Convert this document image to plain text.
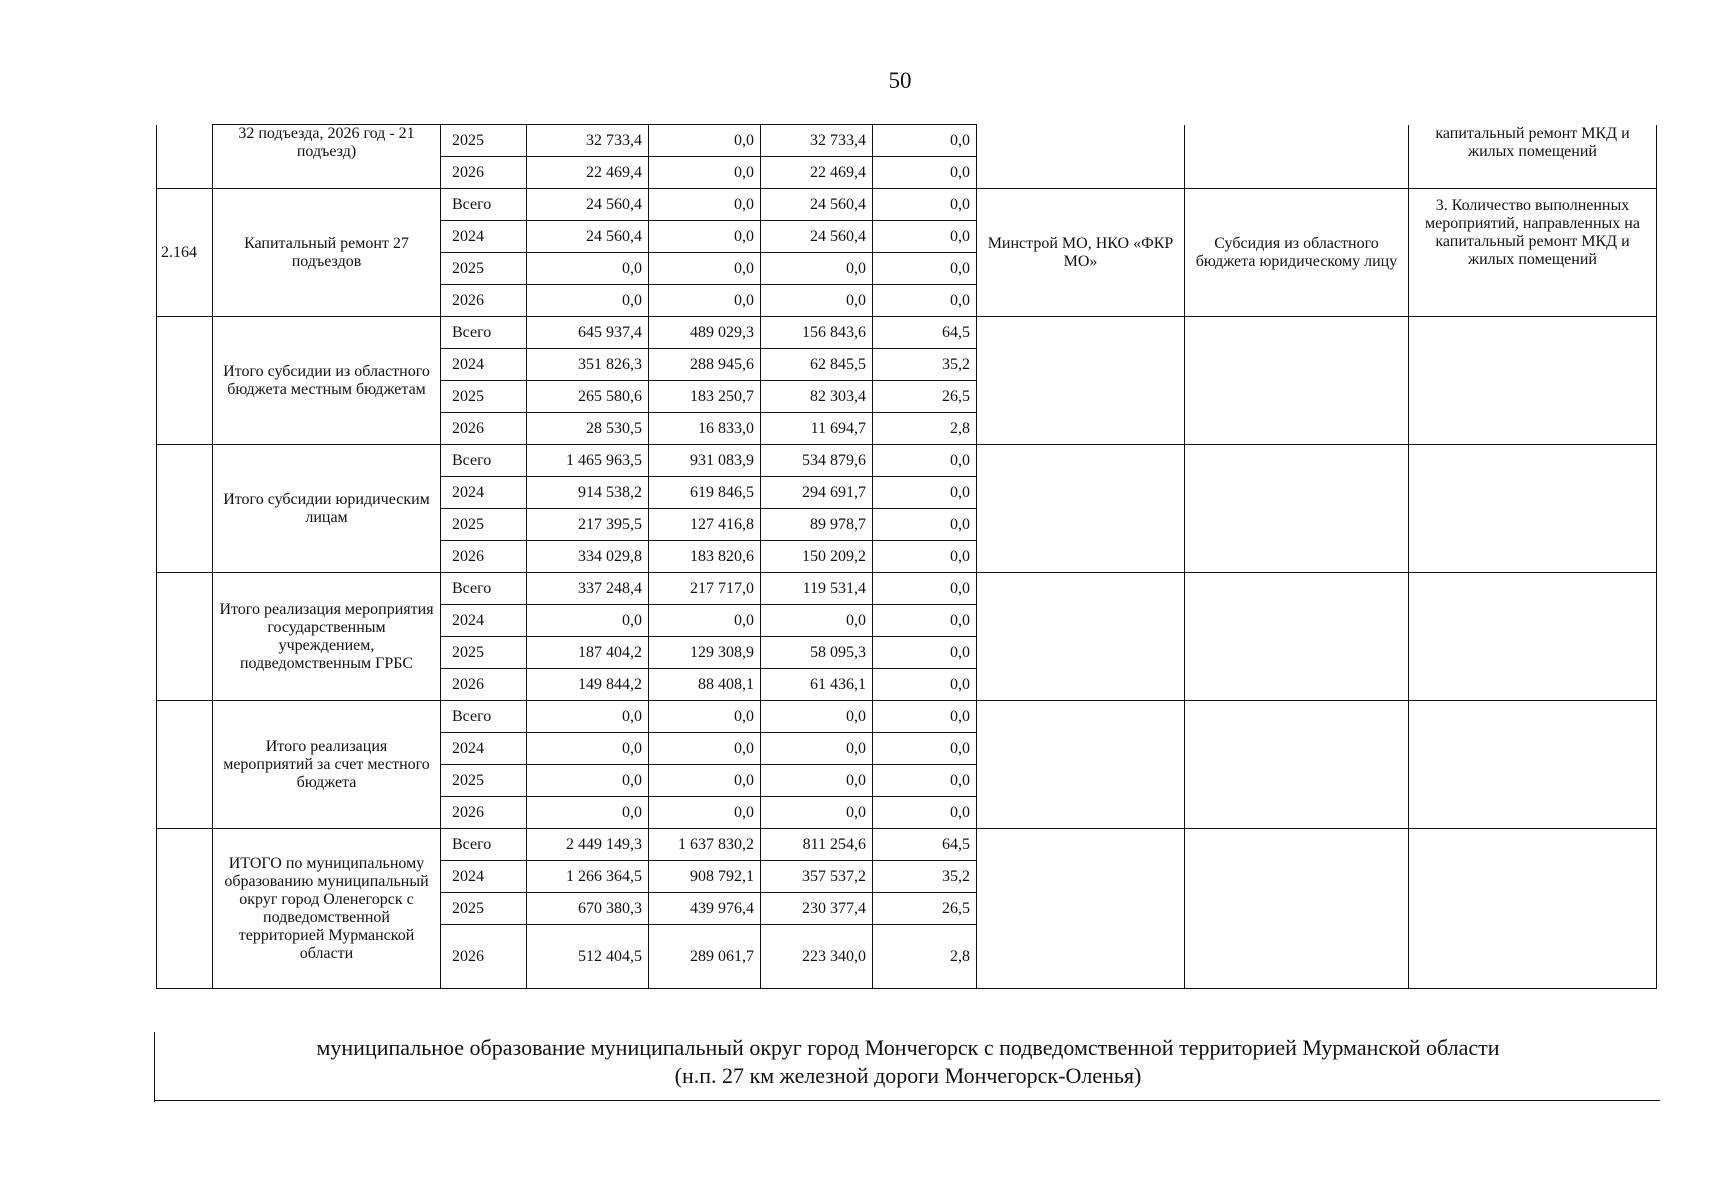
50
	32 подъезда, 2026 год - 21 подъезд)	2025	32 733,4	0,0	32 733,4	0,0			капитальный ремонт МКД и жилых помещений
		2026	22 469,4	0,0	22 469,4	0,0			
2.164	Капитальный ремонт 27 подъездов	Всего	24 560,4	0,0	24 560,4	0,0	Минстрой МО, НКО «ФКР МО»	Субсидия из областного бюджета юридическому лицу	3. Количество выполненных мероприятий, направленных на капитальный ремонт МКД и жилых помещений
		2024	24 560,4	0,0	24 560,4	0,0			
		2025	0,0	0,0	0,0	0,0			
		2026	0,0	0,0	0,0	0,0			
	Итого субсидии из областного бюджета местным бюджетам	Всего	645 937,4	489 029,3	156 843,6	64,5			
		2024	351 826,3	288 945,6	62 845,5	35,2			
		2025	265 580,6	183 250,7	82 303,4	26,5			
		2026	28 530,5	16 833,0	11 694,7	2,8			
	Итого субсидии юридическим лицам	Всего	1 465 963,5	931 083,9	534 879,6	0,0			
		2024	914 538,2	619 846,5	294 691,7	0,0			
		2025	217 395,5	127 416,8	89 978,7	0,0			
		2026	334 029,8	183 820,6	150 209,2	0,0			
	Итого реализация мероприятия государственным учреждением, подведомственным ГРБС	Всего	337 248,4	217 717,0	119 531,4	0,0			
		2024	0,0	0,0	0,0	0,0			
		2025	187 404,2	129 308,9	58 095,3	0,0			
		2026	149 844,2	88 408,1	61 436,1	0,0			
	Итого реализация мероприятий за счет местного бюджета	Всего	0,0	0,0	0,0	0,0			
		2024	0,0	0,0	0,0	0,0			
		2025	0,0	0,0	0,0	0,0			
		2026	0,0	0,0	0,0	0,0			
	ИТОГО по муниципальному образованию муниципальный округ город Оленегорск с подведомственной территорией Мурманской области	Всего	2 449 149,3	1 637 830,2	811 254,6	64,5			
		2024	1 266 364,5	908 792,1	357 537,2	35,2			
		2025	670 380,3	439 976,4	230 377,4	26,5			
		2026	512 404,5	289 061,7	223 340,0	2,8			
муниципальное образование муниципальный округ город Мончегорск с подведомственной территорией Мурманской области
(н.п. 27 км железной дороги Мончегорск-Оленья)
